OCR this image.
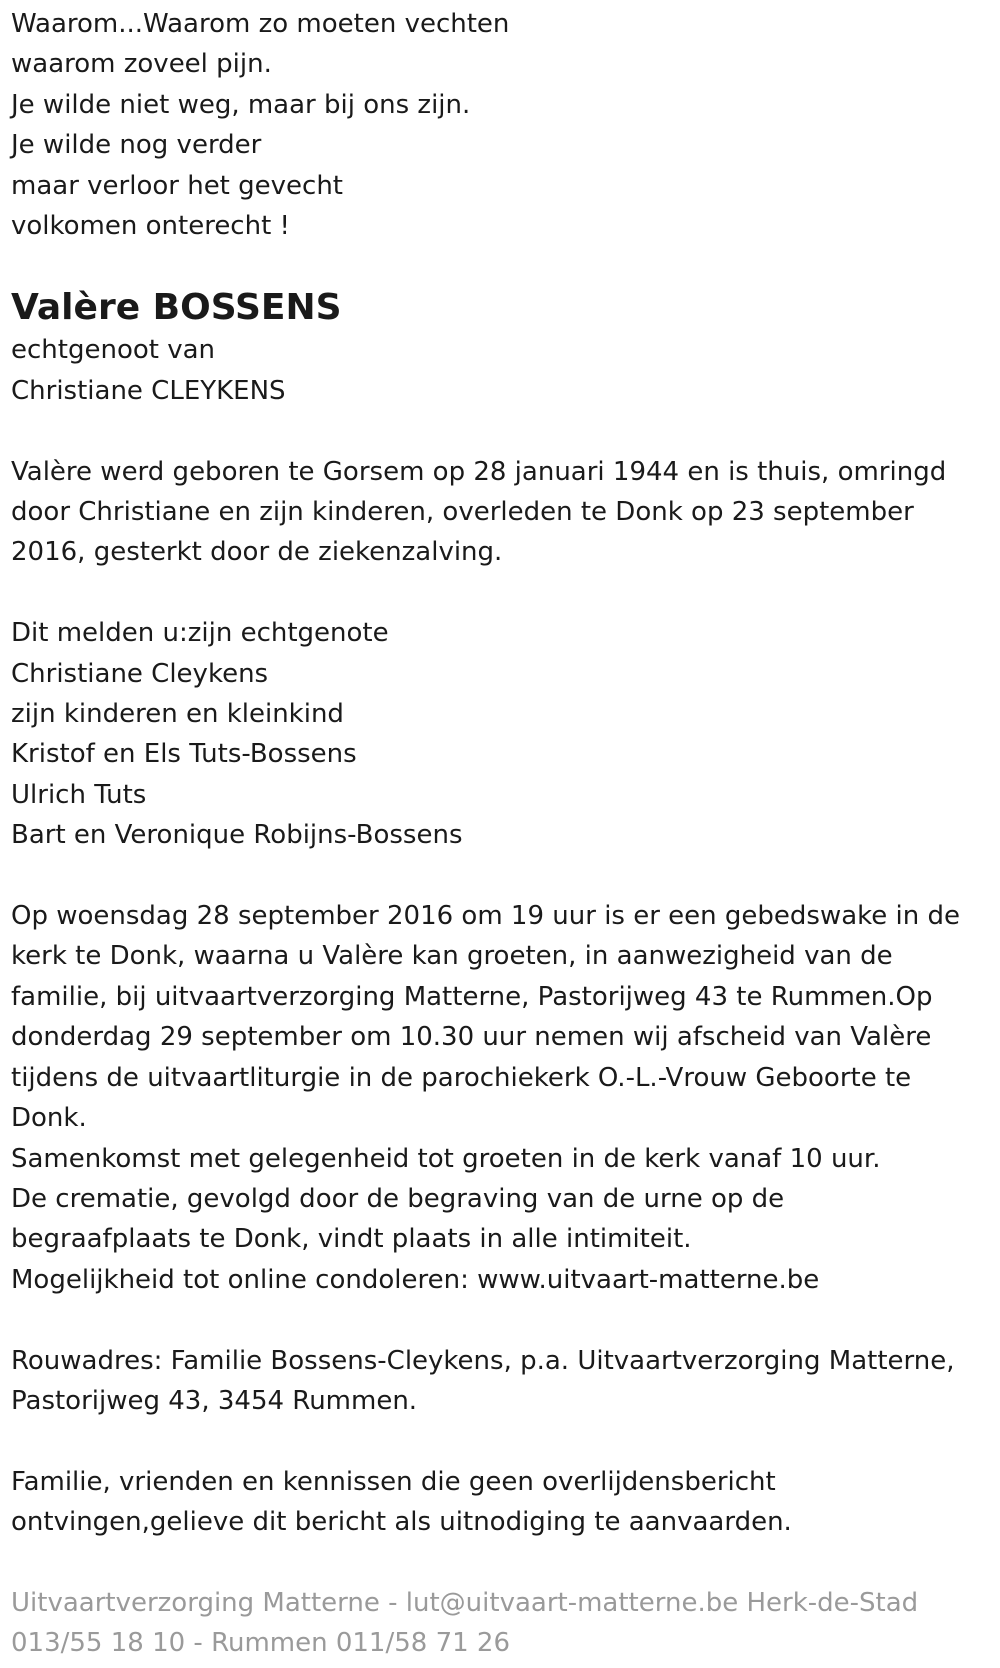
Waarom...Waarom zo moeten vechten

waarom zoveel pijn.

Je wilde niet weg, maar bij ons zijn.

Je wilde nog verder

maar verloor het gevecht

volkomen onterecht !

Valère BOSSENS

echtgenoot van

Christiane CLEYKENS

Valère werd geboren te Gorsem op 28 januari 1944 en is thuis, omringd

door Christiane en zijn kinderen, overleden te Donk op 23 september

2016, gesterkt door de ziekenzalving.

Dit melden u:zijn echtgenote

Christiane Cleykens

zijn kinderen en kleinkind

Kristof en Els Tuts-Bossens

Ulrich Tuts

Bart en Veronique Robijns-Bossens

Op woensdag 28 september 2016 om 19 uur is er een gebedswake in de

kerk te Donk, waarna u Valère kan groeten, in aanwezigheid van de

familie, bij uitvaartverzorging Matterne, Pastorijweg 43 te Rummen.Op

donderdag 29 september om 10.30 uur nemen wij afscheid van Valère

tijdens de uitvaartliturgie in de parochiekerk O.-L.-Vrouw Geboorte te

Donk.

Samenkomst met gelegenheid tot groeten in de kerk vanaf 10 uur.

De crematie, gevolgd door de begraving van de urne op de

begraafplaats te Donk, vindt plaats in alle intimiteit.

Mogelijkheid tot online condoleren: www.uitvaart-matterne.be

Rouwadres: Familie Bossens-Cleykens, p.a. Uitvaartverzorging Matterne,

Pastorijweg 43, 3454 Rummen.

Familie, vrienden en kennissen die geen overlijdensbericht

ontvingen,gelieve dit bericht als uitnodiging te aanvaarden.

Uitvaartverzorging Matterne - lut@uitvaart-matterne.be Herk-de-Stad

013/55 18 10 - Rummen 011/58 71 26
